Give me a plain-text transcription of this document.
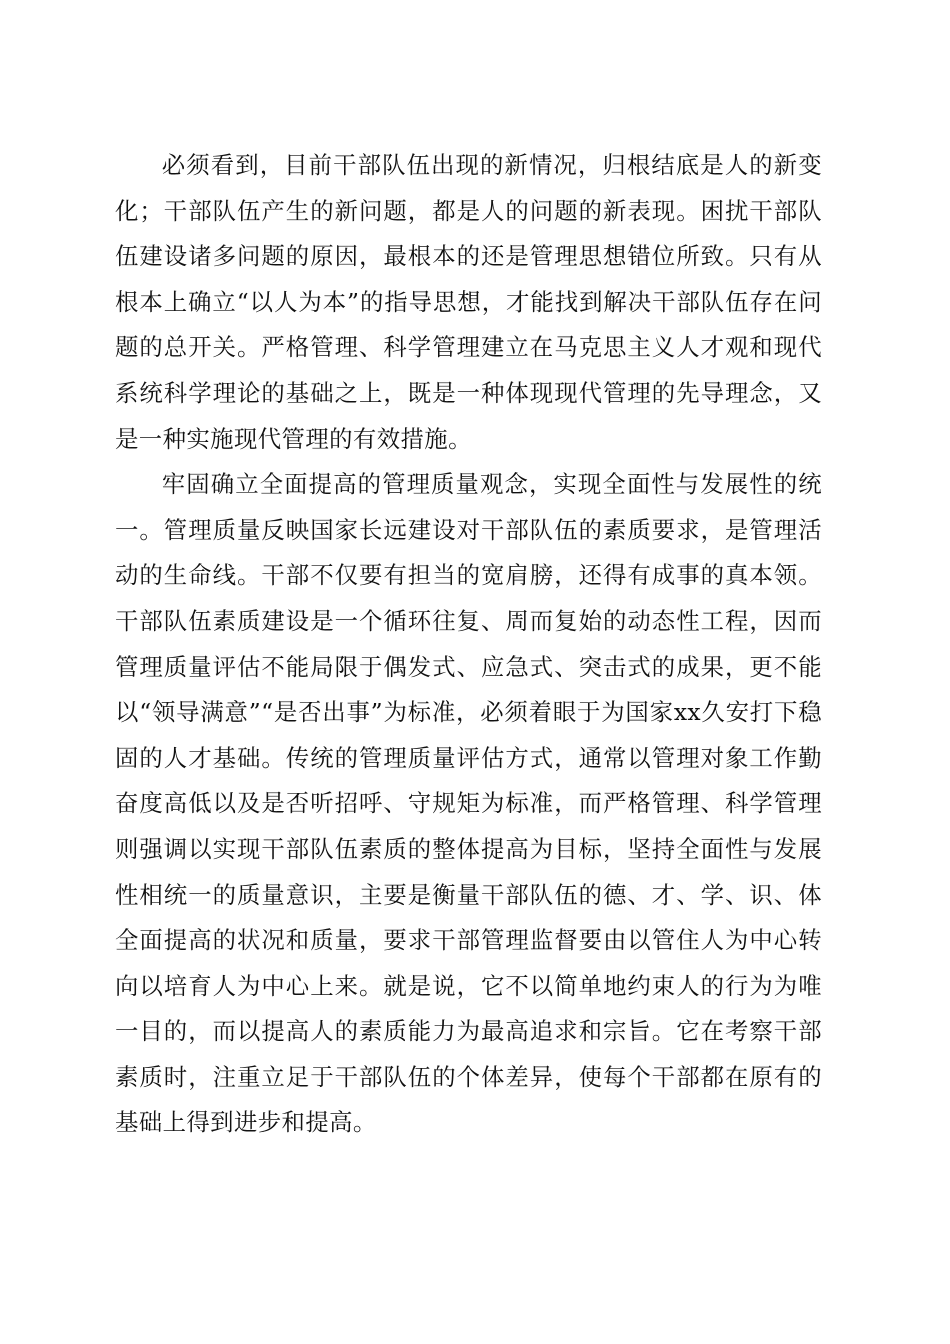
必须看到，目前干部队伍出现的新情况，归根结底是人的新变化；干部队伍产生的新问题，都是人的问题的新表现。困扰干部队伍建设诸多问题的原因，最根本的还是管理思想错位所致。只有从根本上确立“以人为本”的指导思想，才能找到解决干部队伍存在问题的总开关。严格管理、科学管理建立在马克思主义人才观和现代系统科学理论的基础之上，既是一种体现现代管理的先导理念，又是一种实施现代管理的有效措施。

牢固确立全面提高的管理质量观念，实现全面性与发展性的统一。管理质量反映国家长远建设对干部队伍的素质要求，是管理活动的生命线。干部不仅要有担当的宽肩膀，还得有成事的真本领。干部队伍素质建设是一个循环往复、周而复始的动态性工程，因而管理质量评估不能局限于偶发式、应急式、突击式的成果，更不能以“领导满意”“是否出事”为标准，必须着眼于为国家xx久安打下稳固的人才基础。传统的管理质量评估方式，通常以管理对象工作勤奋度高低以及是否听招呼、守规矩为标准，而严格管理、科学管理则强调以实现干部队伍素质的整体提高为目标，坚持全面性与发展性相统一的质量意识，主要是衡量干部队伍的德、才、学、识、体全面提高的状况和质量，要求干部管理监督要由以管住人为中心转向以培育人为中心上来。就是说，它不以简单地约束人的行为为唯一目的，而以提高人的素质能力为最高追求和宗旨。它在考察干部素质时，注重立足于干部队伍的个体差异，使每个干部都在原有的基础上得到进步和提高。
